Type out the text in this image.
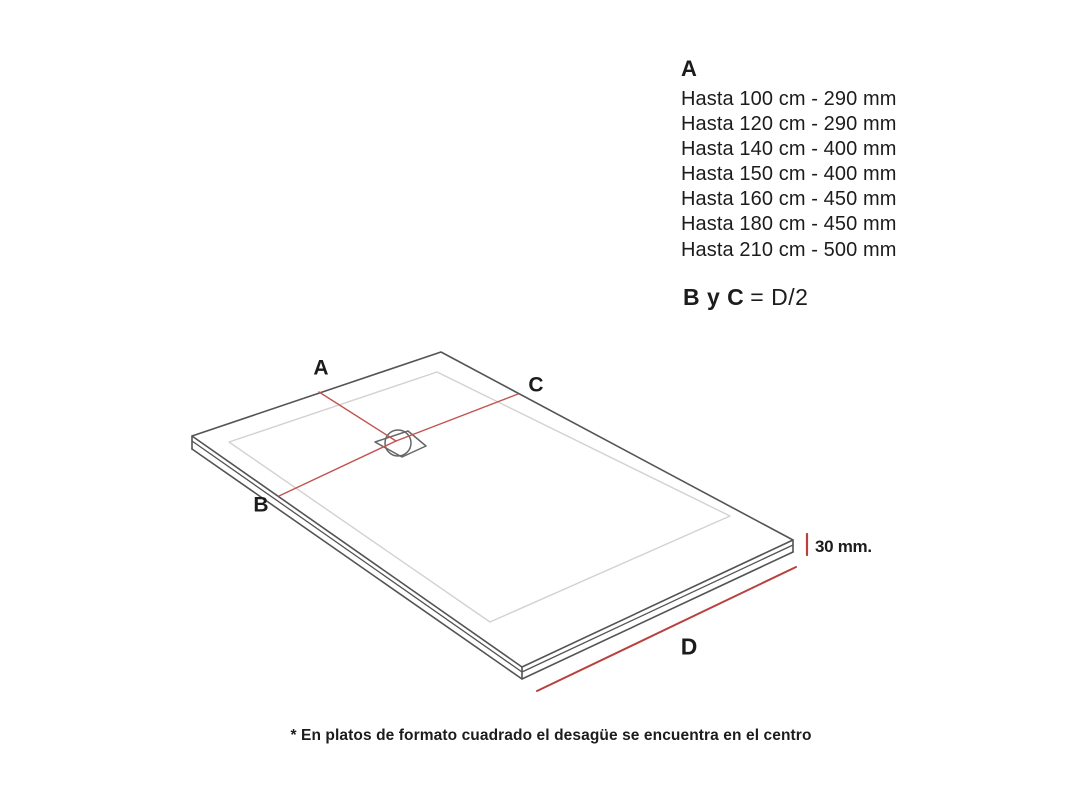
A
B
C
D
30 mm.
A
Hasta 100 cm - 290 mm
Hasta 120 cm - 290 mm
Hasta 140 cm - 400 mm
Hasta 150 cm - 400 mm
Hasta 160 cm - 450 mm
Hasta 180 cm - 450 mm
Hasta 210 cm - 500 mm
B y C = D/2
* En platos de formato cuadrado el desagüe se encuentra en el centro
